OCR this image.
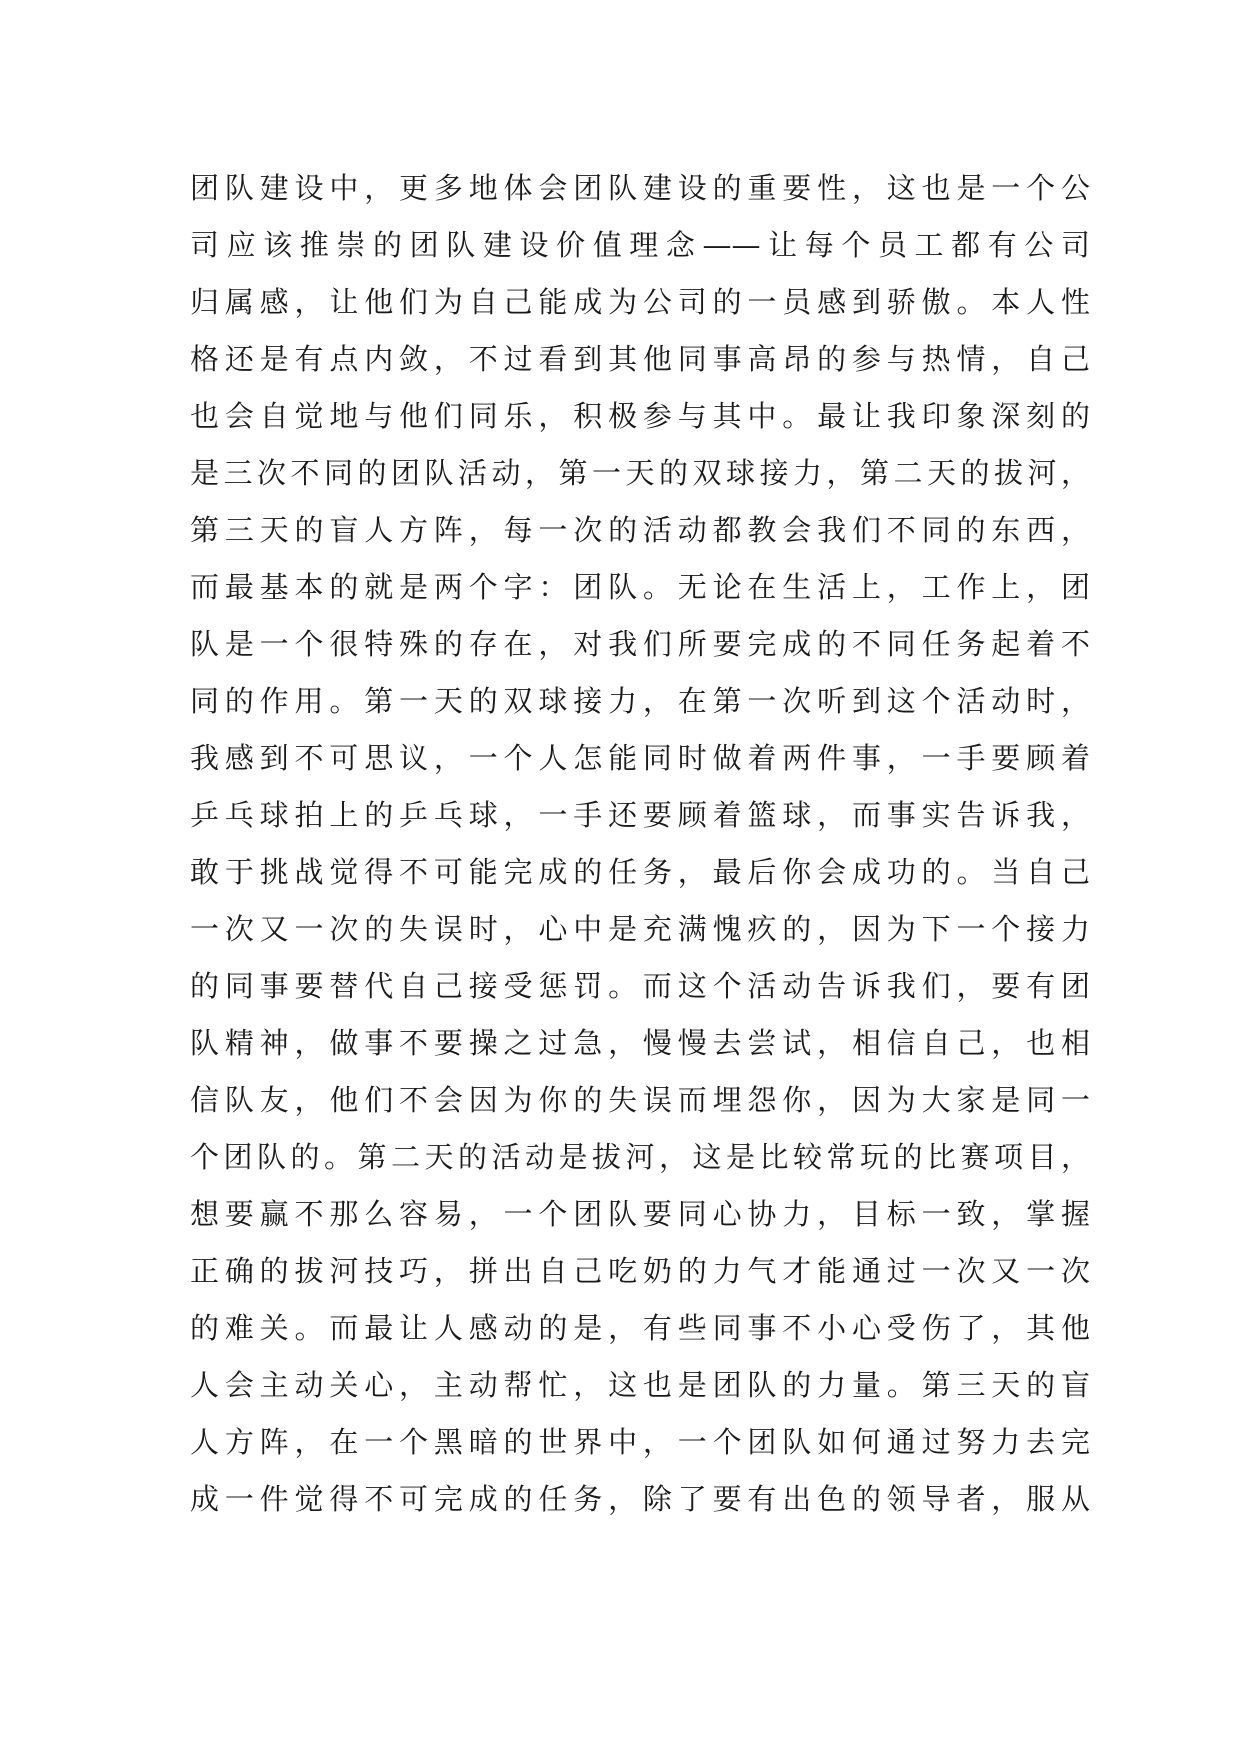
团队建设中，更多地体会团队建设的重要性，这也是一个公
司应该推崇的团队建设价值理念——让每个员工都有公司
归属感，让他们为自己能成为公司的一员感到骄傲。本人性
格还是有点内敛，不过看到其他同事高昂的参与热情，自己
也会自觉地与他们同乐，积极参与其中。最让我印象深刻的
是三次不同的团队活动，第一天的双球接力，第二天的拔河，
第三天的盲人方阵，每一次的活动都教会我们不同的东西，
而最基本的就是两个字：团队。无论在生活上，工作上，团
队是一个很特殊的存在，对我们所要完成的不同任务起着不
同的作用。第一天的双球接力，在第一次听到这个活动时，
我感到不可思议，一个人怎能同时做着两件事，一手要顾着
乒乓球拍上的乒乓球，一手还要顾着篮球，而事实告诉我，
敢于挑战觉得不可能完成的任务，最后你会成功的。当自己
一次又一次的失误时，心中是充满愧疚的，因为下一个接力
的同事要替代自己接受惩罚。而这个活动告诉我们，要有团
队精神，做事不要操之过急，慢慢去尝试，相信自己，也相
信队友，他们不会因为你的失误而埋怨你，因为大家是同一
个团队的。第二天的活动是拔河，这是比较常玩的比赛项目，
想要赢不那么容易，一个团队要同心协力，目标一致，掌握
正确的拔河技巧，拼出自己吃奶的力气才能通过一次又一次
的难关。而最让人感动的是，有些同事不小心受伤了，其他
人会主动关心，主动帮忙，这也是团队的力量。第三天的盲
人方阵，在一个黑暗的世界中，一个团队如何通过努力去完
成一件觉得不可完成的任务，除了要有出色的领导者，服从
